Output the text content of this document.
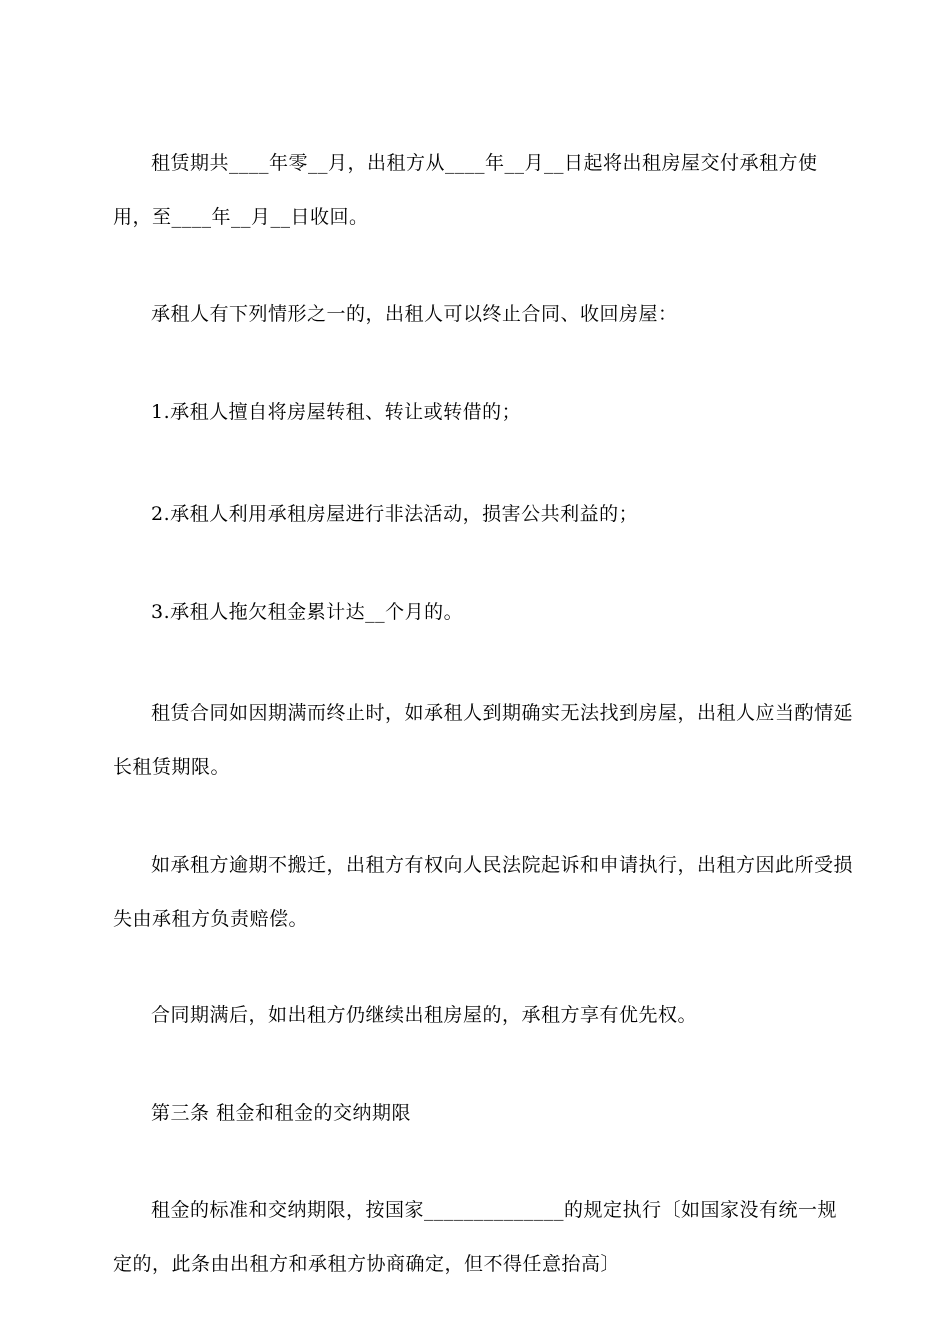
租赁期共____年零__月，出租方从____年__月__日起将出租房屋交付承租方使用，至____年__月__日收回。

承租人有下列情形之一的，出租人可以终止合同、收回房屋：

1.承租人擅自将房屋转租、转让或转借的；

2.承租人利用承租房屋进行非法活动，损害公共利益的；

3.承租人拖欠租金累计达__个月的。

租赁合同如因期满而终止时，如承租人到期确实无法找到房屋，出租人应当酌情延长租赁期限。

如承租方逾期不搬迁，出租方有权向人民法院起诉和申请执行，出租方因此所受损失由承租方负责赔偿。

合同期满后，如出租方仍继续出租房屋的，承租方享有优先权。

第三条 租金和租金的交纳期限

租金的标准和交纳期限，按国家______________的规定执行〔如国家没有统一规定的，此条由出租方和承租方协商确定，但不得任意抬高〕
